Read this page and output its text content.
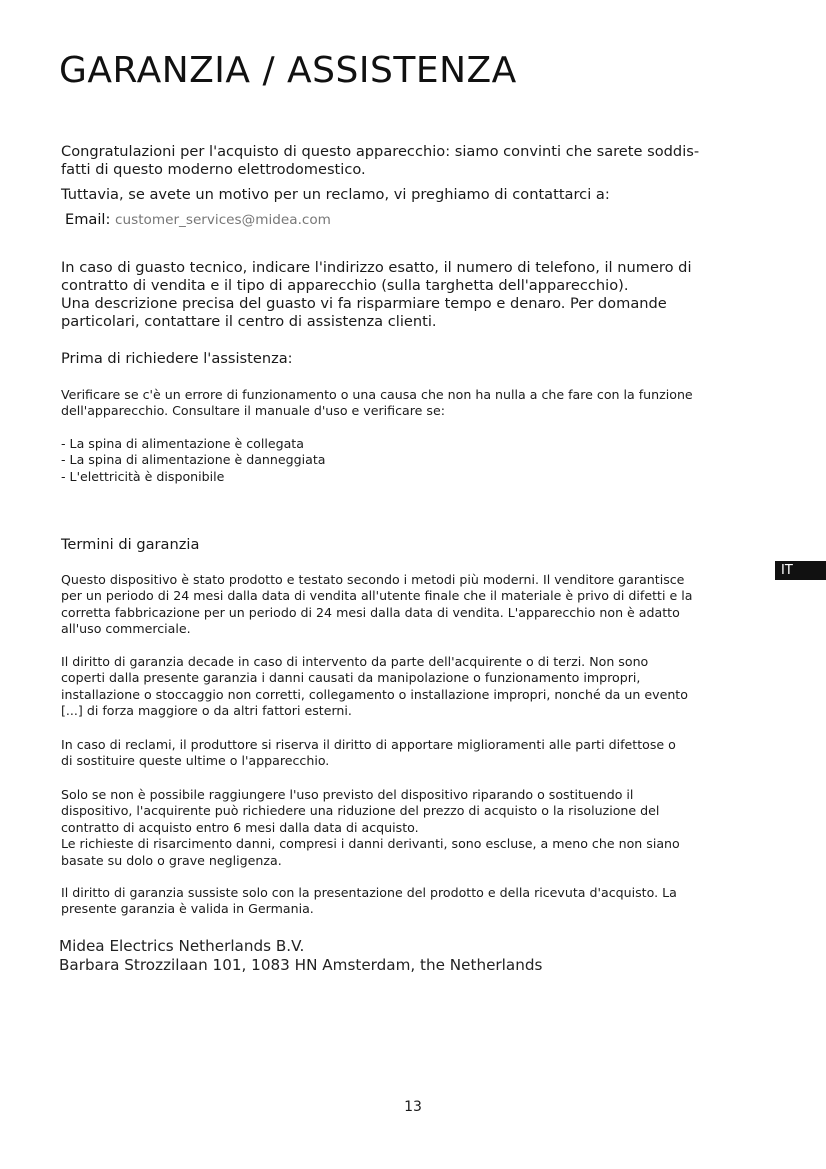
GARANZIA / ASSISTENZA

Congratulazioni per l'acquisto di questo apparecchio: siamo convinti che sarete soddis-
fatti di questo moderno elettrodomestico.

Tuttavia, se avete un motivo per un reclamo, vi preghiamo di contattarci a:

Email: customer_services@midea.com

In caso di guasto tecnico, indicare l'indirizzo esatto, il numero di telefono, il numero di
contratto di vendita e il tipo di apparecchio (sulla targhetta dell'apparecchio).
Una descrizione precisa del guasto vi fa risparmiare tempo e denaro. Per domande
particolari, contattare il centro di assistenza clienti.

Prima di richiedere l'assistenza:

Verificare se c'è un errore di funzionamento o una causa che non ha nulla a che fare con la funzione
dell'apparecchio. Consultare il manuale d'uso e verificare se:

- La spina di alimentazione è collegata
- La spina di alimentazione è danneggiata
- L'elettricità è disponibile

Termini di garanzia

Questo dispositivo è stato prodotto e testato secondo i metodi più moderni. Il venditore garantisce
per un periodo di 24 mesi dalla data di vendita all'utente finale che il materiale è privo di difetti e la
corretta fabbricazione per un periodo di 24 mesi dalla data di vendita. L'apparecchio non è adatto
all'uso commerciale.

Il diritto di garanzia decade in caso di intervento da parte dell'acquirente o di terzi. Non sono
coperti dalla presente garanzia i danni causati da manipolazione o funzionamento impropri,
installazione o stoccaggio non corretti, collegamento o installazione impropri, nonché da un evento
[...] di forza maggiore o da altri fattori esterni.

In caso di reclami, il produttore si riserva il diritto di apportare miglioramenti alle parti difettose o
di sostituire queste ultime o l'apparecchio.

Solo se non è possibile raggiungere l'uso previsto del dispositivo riparando o sostituendo il
dispositivo, l'acquirente può richiedere una riduzione del prezzo di acquisto o la risoluzione del
contratto di acquisto entro 6 mesi dalla data di acquisto.
Le richieste di risarcimento danni, compresi i danni derivanti, sono escluse, a meno che non siano
basate su dolo o grave negligenza.

Il diritto di garanzia sussiste solo con la presentazione del prodotto e della ricevuta d'acquisto. La
presente garanzia è valida in Germania.

Midea Electrics Netherlands B.V.
Barbara Strozzilaan 101, 1083 HN Amsterdam, the Netherlands

IT
13
